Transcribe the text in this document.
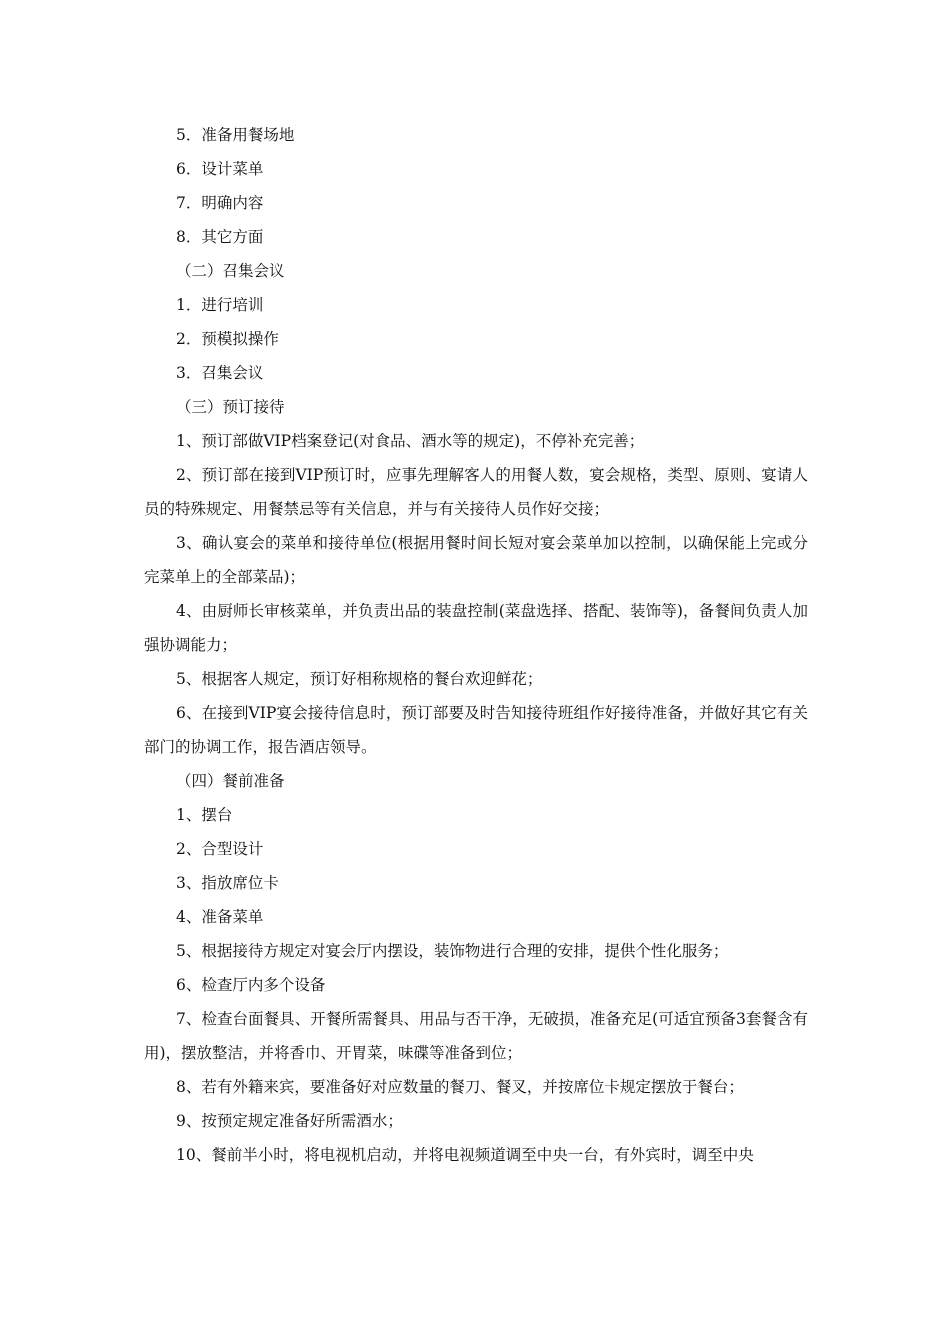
5．准备用餐场地

6．设计菜单

7．明确内容

8．其它方面

（二）召集会议

1．进行培训

2．预模拟操作

3．召集会议

（三）预订接待

1、预订部做VIP档案登记(对食品、酒水等的规定)，不停补充完善；

2、预订部在接到VIP预订时，应事先理解客人的用餐人数，宴会规格，类型、原则、宴请人员的特殊规定、用餐禁忌等有关信息，并与有关接待人员作好交接；

3、确认宴会的菜单和接待单位(根据用餐时间长短对宴会菜单加以控制，以确保能上完或分完菜单上的全部菜品)；

4、由厨师长审核菜单，并负责出品的装盘控制(菜盘选择、搭配、装饰等)，备餐间负责人加强协调能力；

5、根据客人规定，预订好相称规格的餐台欢迎鲜花；

6、在接到VIP宴会接待信息时，预订部要及时告知接待班组作好接待准备，并做好其它有关部门的协调工作，报告酒店领导。

（四）餐前准备

1、摆台

2、合型设计

3、指放席位卡

4、准备菜单

5、根据接待方规定对宴会厅内摆设，装饰物进行合理的安排，提供个性化服务；

6、检查厅内多个设备

7、检查台面餐具、开餐所需餐具、用品与否干净，无破损，准备充足(可适宜预备3套餐含有用)，摆放整洁，并将香巾、开胃菜，味碟等准备到位；

8、若有外籍来宾，要准备好对应数量的餐刀、餐叉，并按席位卡规定摆放于餐台；

9、按预定规定准备好所需酒水；

10、餐前半小时，将电视机启动，并将电视频道调至中央一台，有外宾时，调至中央
